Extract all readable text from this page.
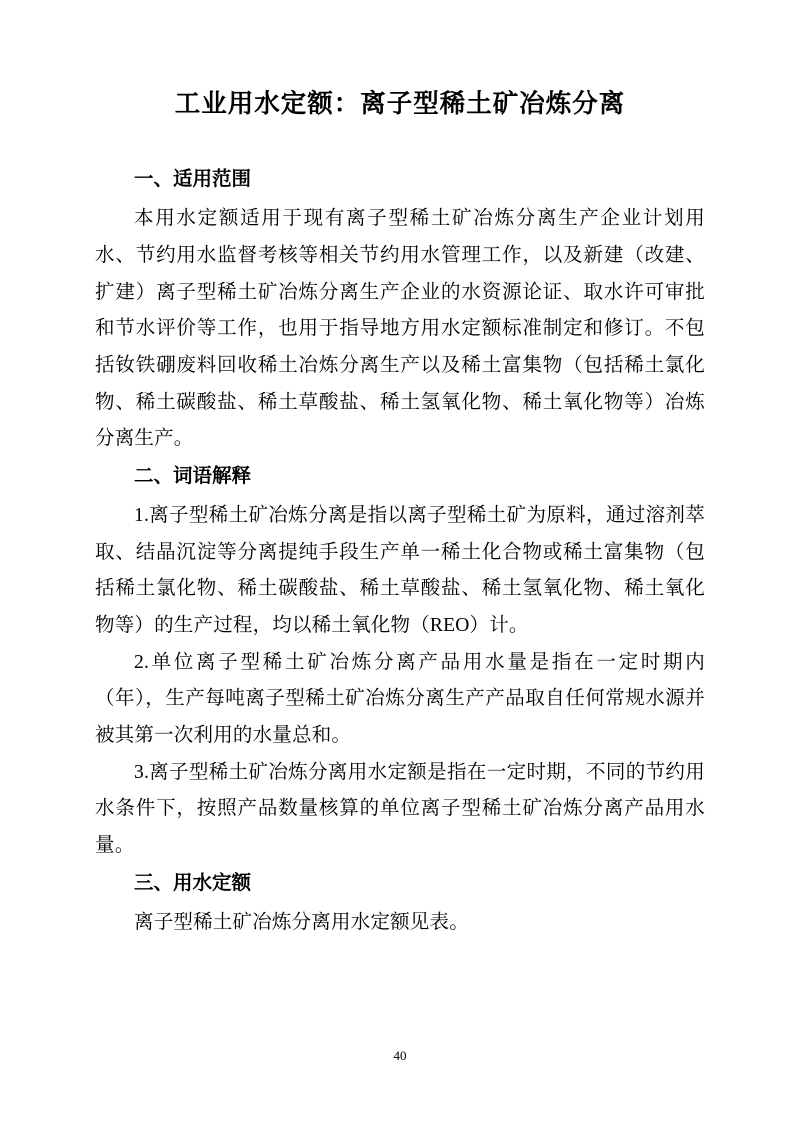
工业用水定额：离子型稀土矿冶炼分离
一、适用范围

本用水定额适用于现有离子型稀土矿冶炼分离生产企业计划用水、节约用水监督考核等相关节约用水管理工作，以及新建（改建、扩建）离子型稀土矿冶炼分离生产企业的水资源论证、取水许可审批和节水评价等工作，也用于指导地方用水定额标准制定和修订。不包括钕铁硼废料回收稀土冶炼分离生产以及稀土富集物（包括稀土氯化物、稀土碳酸盐、稀土草酸盐、稀土氢氧化物、稀土氧化物等）冶炼分离生产。

二、词语解释

1.离子型稀土矿冶炼分离是指以离子型稀土矿为原料，通过溶剂萃取、结晶沉淀等分离提纯手段生产单一稀土化合物或稀土富集物（包括稀土氯化物、稀土碳酸盐、稀土草酸盐、稀土氢氧化物、稀土氧化物等）的生产过程，均以稀土氧化物（REO）计。

2.单位离子型稀土矿冶炼分离产品用水量是指在一定时期内（年），生产每吨离子型稀土矿冶炼分离生产产品取自任何常规水源并被其第一次利用的水量总和。

3.离子型稀土矿冶炼分离用水定额是指在一定时期，不同的节约用水条件下，按照产品数量核算的单位离子型稀土矿冶炼分离产品用水量。

三、用水定额

离子型稀土矿冶炼分离用水定额见表。

40
